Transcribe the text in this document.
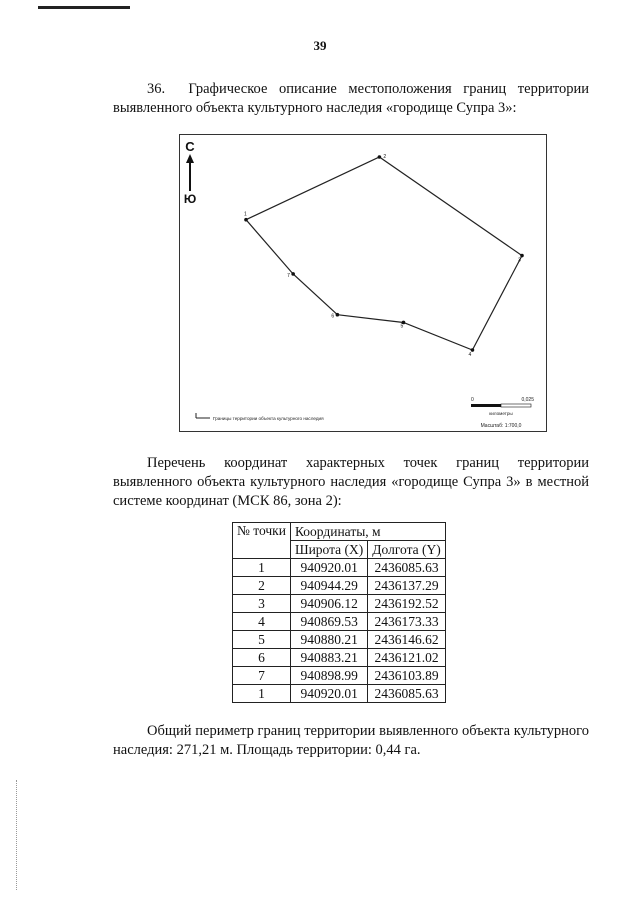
39
36. Графическое описание местоположения границ территории выявленного объекта культурного наследия «городище Супра 3»:
С
Ю
1
2
3
4
5
6
7
Границы территории объекта культурного наследия
0	0,025
километры
Масштаб: 1:700,0
Перечень координат характерных точек границ территории выявленного объекта культурного наследия «городище Супра 3» в местной системе координат (МСК 86, зона 2):
№ точки	Координаты, м	
	Широта (X)	Долгота (Y)
1	940920.01	2436085.63
2	940944.29	2436137.29
3	940906.12	2436192.52
4	940869.53	2436173.33
5	940880.21	2436146.62
6	940883.21	2436121.02
7	940898.99	2436103.89
1	940920.01	2436085.63
Общий периметр границ территории выявленного объекта культурного наследия: 271,21 м. Площадь территории: 0,44 га.
